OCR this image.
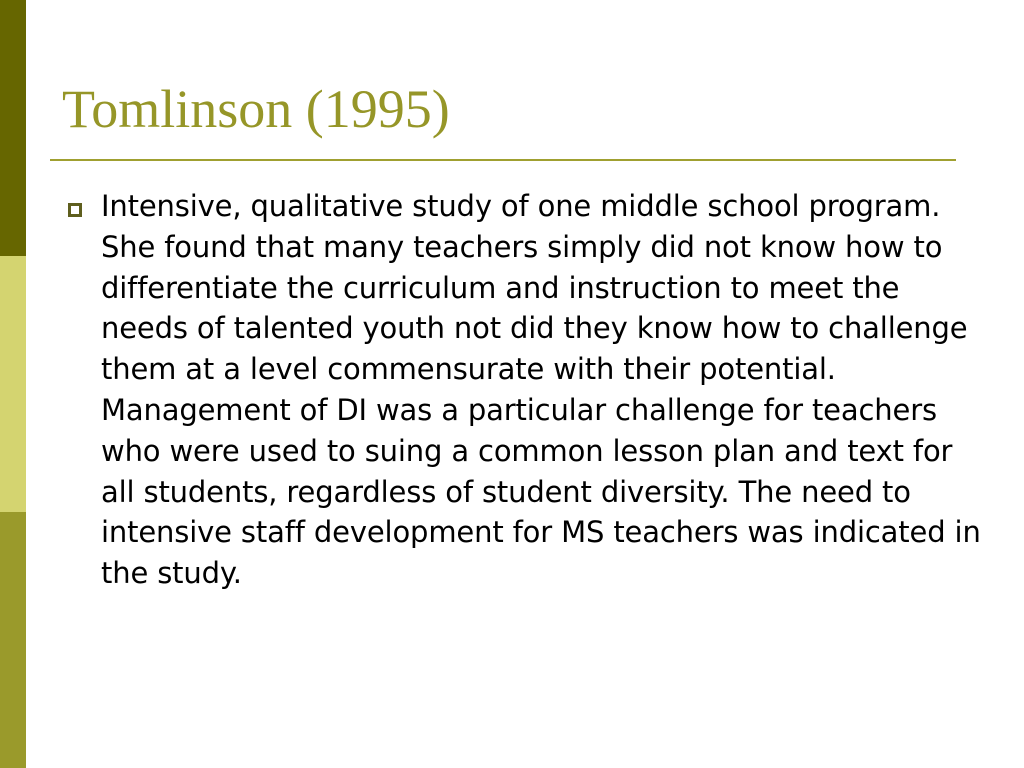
Tomlinson (1995)
Intensive, qualitative study of one middle school program. She found that many teachers simply did not know how to differentiate the curriculum and instruction to meet the needs of talented youth not did they know how to challenge them at a level commensurate with their potential. Management of DI was a particular challenge for teachers who were used to suing a common lesson plan and text for all students, regardless of student diversity. The need to intensive staff development for MS teachers was indicated in the study.
